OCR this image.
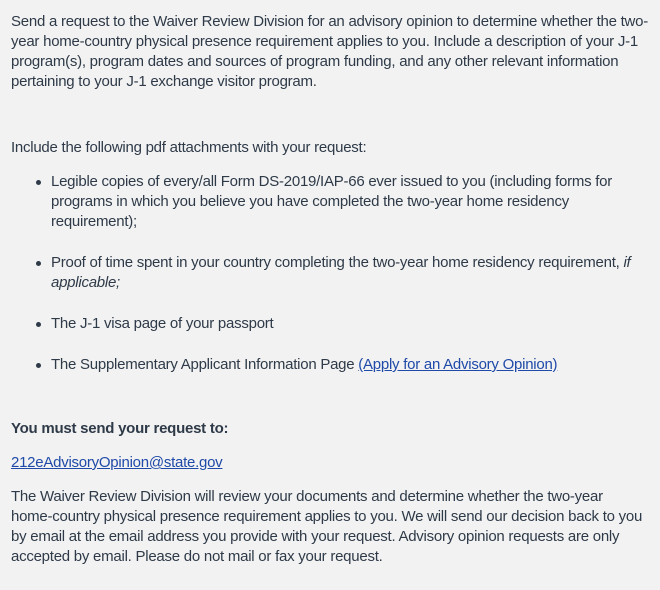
Send a request to the Waiver Review Division for an advisory opinion to determine whether the two-year home-country physical presence requirement applies to you. Include a description of your J-1 program(s), program dates and sources of program funding, and any other relevant information pertaining to your J-1 exchange visitor program.

Include the following pdf attachments with your request:

Legible copies of every/all Form DS-2019/IAP-66 ever issued to you (including forms for programs in which you believe you have completed the two-year home residency requirement);
Proof of time spent in your country completing the two-year home residency requirement, if applicable;
The J-1 visa page of your passport
The Supplementary Applicant Information Page (Apply for an Advisory Opinion)

You must send your request to:

212eAdvisoryOpinion@state.gov

The Waiver Review Division will review your documents and determine whether the two-year home-country physical presence requirement applies to you. We will send our decision back to you by email at the email address you provide with your request. Advisory opinion requests are only accepted by email. Please do not mail or fax your request.
